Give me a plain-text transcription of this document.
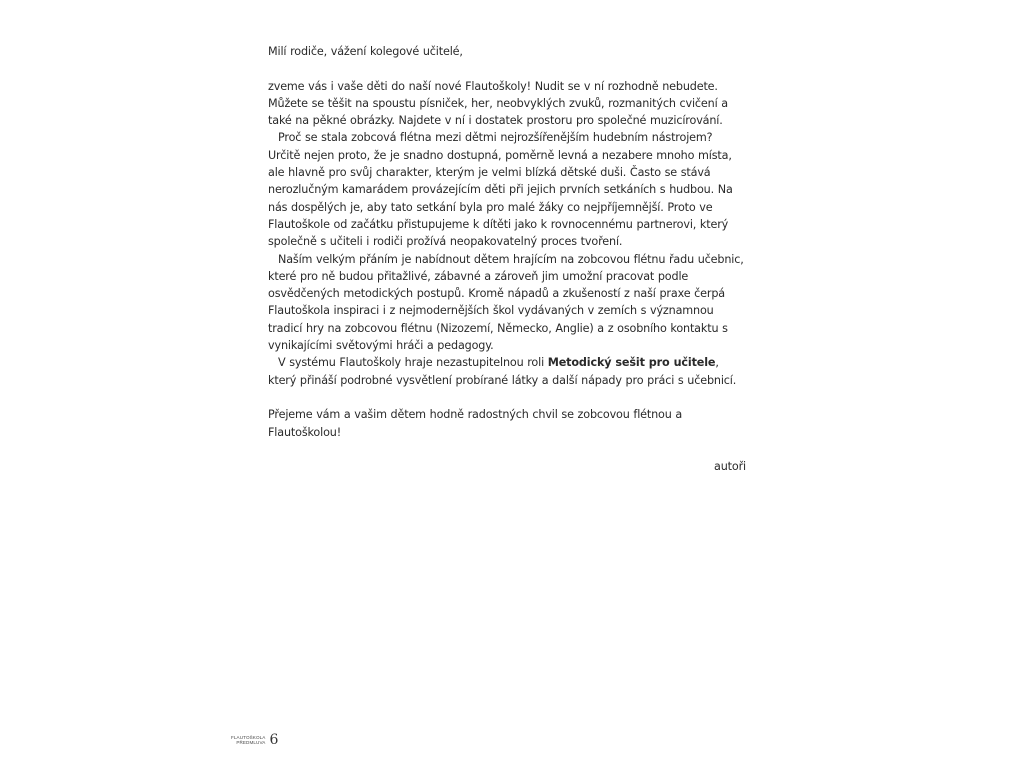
Milí rodiče, vážení kolegové učitelé,

zveme vás i vaše děti do naší nové Flautoškoly! Nudit se v ní rozhodně nebudete. Můžete se těšit na spoustu písniček, her, neobvyklých zvuků, rozmanitých cvičení a také na pěkné obrázky. Najdete v ní i dostatek prostoru pro společné muzicírování.

Proč se stala zobcová flétna mezi dětmi nejrozšířenějším hudebním nástrojem? Určitě nejen proto, že je snadno dostupná, poměrně levná a nezabere mnoho místa, ale hlavně pro svůj charakter, kterým je velmi blízká dětské duši. Často se stává nerozlučným kamarádem provázejícím děti při jejich prvních setkáních s hudbou. Na nás dospělých je, aby tato setkání byla pro malé žáky co nejpříjemnější. Proto ve Flautoškole od začátku přistupujeme k dítěti jako k rovnocennému partnerovi, který společně s učiteli i rodiči prožívá neopakovatelný proces tvoření.

Naším velkým přáním je nabídnout dětem hrajícím na zobcovou flétnu řadu učebnic, které pro ně budou přitažlivé, zábavné a zároveň jim umožní pracovat podle osvědčených metodických postupů. Kromě nápadů a zkušeností z naší praxe čerpá Flautoškola inspiraci i z nejmodernějších škol vydávaných v zemích s významnou tradicí hry na zobcovou flétnu (Nizozemí, Německo, Anglie) a z osobního kontaktu s vynikajícími světovými hráči a pedagogy.

V systému Flautoškoly hraje nezastupitelnou roli Metodický sešit pro učitele, který přináší podrobné vysvětlení probírané látky a další nápady pro práci s učebnicí.

Přejeme vám a vašim dětem hodně radostných chvil se zobcovou flétnou a Flautoškolou!

autoři

FLAUTOŠKOLA
PŘEDMLUVA 6
